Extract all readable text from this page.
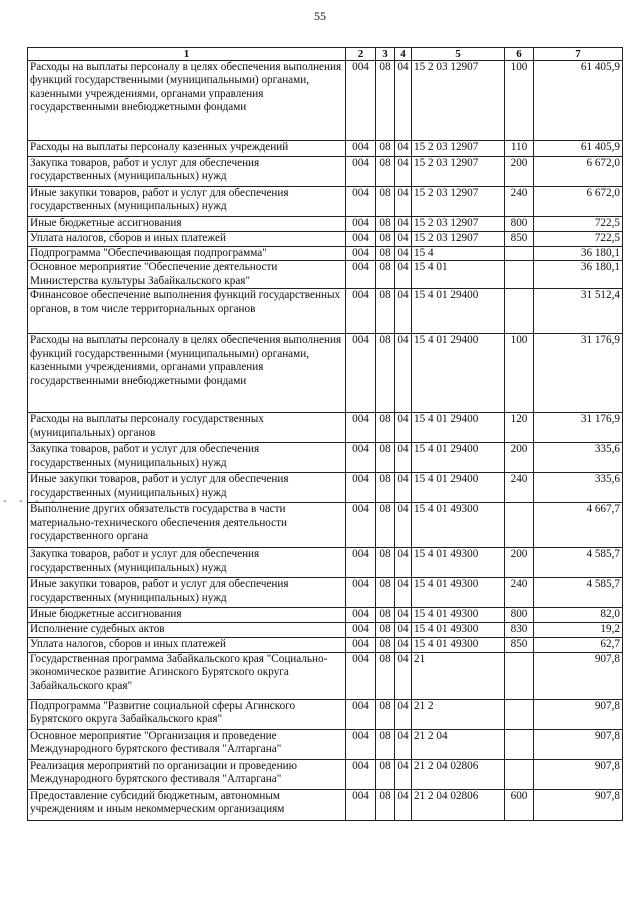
55
- - - -
1	2	3	4	5	6	7
Расходы на выплаты персоналу в целях обеспечения выполнения функций государственными (муниципальными) органами, казенными учреждениями, органами управления государственными внебюджетными фондами	004	08	04	15 2 03 12907	100	61 405,9
Расходы на выплаты персоналу казенных учреждений	004	08	04	15 2 03 12907	110	61 405,9
Закупка товаров, работ и услуг для обеспечения государственных (муниципальных) нужд	004	08	04	15 2 03 12907	200	6 672,0
Иные закупки товаров, работ и услуг для обеспечения государственных (муниципальных) нужд	004	08	04	15 2 03 12907	240	6 672,0
Иные бюджетные ассигнования	004	08	04	15 2 03 12907	800	722,5
Уплата налогов, сборов и иных платежей	004	08	04	15 2 03 12907	850	722,5
Подпрограмма "Обеспечивающая подпрограмма"	004	08	04	15 4		36 180,1
Основное мероприятие "Обеспечение деятельности Министерства культуры Забайкальского края"	004	08	04	15 4 01		36 180,1
Финансовое обеспечение выполнения функций государственных органов, в том числе территориальных органов	004	08	04	15 4 01 29400		31 512,4
Расходы на выплаты персоналу в целях обеспечения выполнения функций государственными (муниципальными) органами, казенными учреждениями, органами управления государственными внебюджетными фондами	004	08	04	15 4 01 29400	100	31 176,9
Расходы на выплаты персоналу государственных (муниципальных) органов	004	08	04	15 4 01 29400	120	31 176,9
Закупка товаров, работ и услуг для обеспечения государственных (муниципальных) нужд	004	08	04	15 4 01 29400	200	335,6
Иные закупки товаров, работ и услуг для обеспечения государственных (муниципальных) нужд	004	08	04	15 4 01 29400	240	335,6
Выполнение других обязательств государства в части материально-технического обеспечения деятельности государственного органа	004	08	04	15 4 01 49300		4 667,7
Закупка товаров, работ и услуг для обеспечения государственных (муниципальных) нужд	004	08	04	15 4 01 49300	200	4 585,7
Иные закупки товаров, работ и услуг для обеспечения государственных (муниципальных) нужд	004	08	04	15 4 01 49300	240	4 585,7
Иные бюджетные ассигнования	004	08	04	15 4 01 49300	800	82,0
Исполнение судебных актов	004	08	04	15 4 01 49300	830	19,2
Уплата налогов, сборов и иных платежей	004	08	04	15 4 01 49300	850	62,7
Государственная программа Забайкальского края "Социально-экономическое развитие Агинского Бурятского округа Забайкальского края"	004	08	04	21		907,8
Подпрограмма "Развитие социальной сферы Агинского Бурятского округа Забайкальского края"	004	08	04	21 2		907,8
Основное мероприятие "Организация и проведение Международного бурятского фестиваля "Алтаргана"	004	08	04	21 2 04		907,8
Реализация мероприятий по организации и проведению Международного бурятского фестиваля "Алтаргана"	004	08	04	21 2 04 02806		907,8
Предоставление субсидий бюджетным, автономным учреждениям и иным некоммерческим организациям	004	08	04	21 2 04 02806	600	907,8
